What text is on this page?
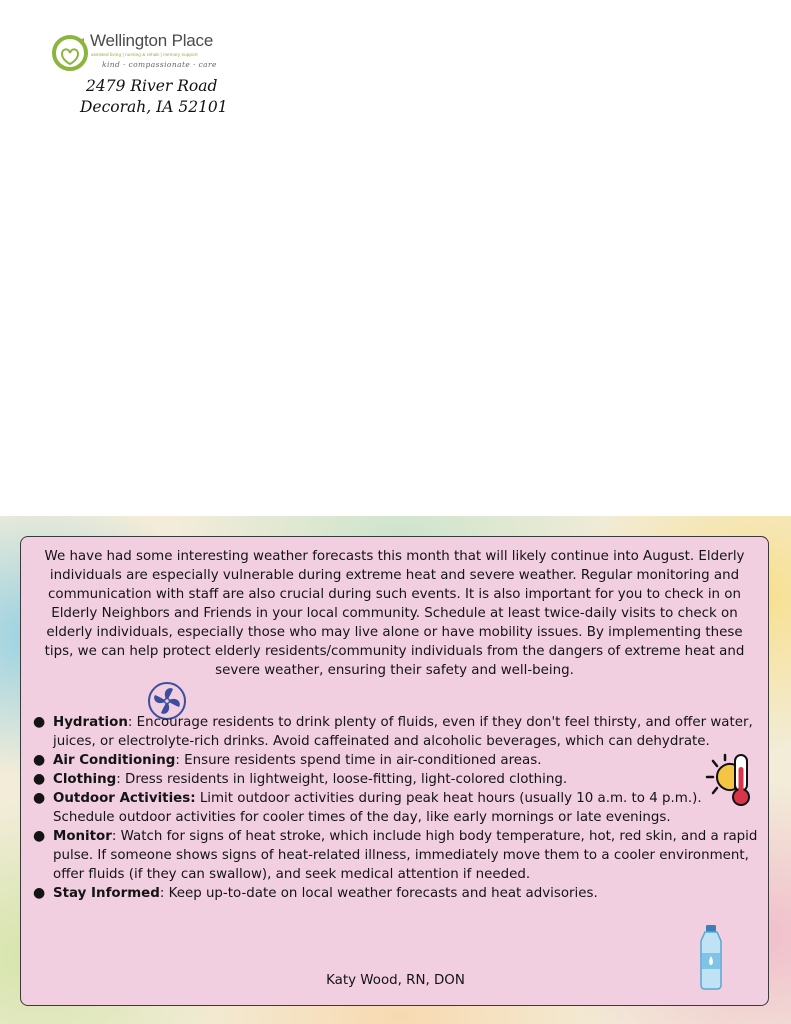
Wellington Place
assisted living | nursing & rehab | memory support
kind · compassionate · care
2479 River Road
Decorah, IA 52101

We have had some interesting weather forecasts this month that will likely continue into August. Elderly individuals are especially vulnerable during extreme heat and severe weather. Regular monitoring and communication with staff are also crucial during such events. It is also important for you to check in on Elderly Neighbors and Friends in your local community. Schedule at least twice-daily visits to check on elderly individuals, especially those who may live alone or have mobility issues. By implementing these tips, we can help protect elderly residents/community individuals from the dangers of extreme heat and severe weather, ensuring their safety and well-being.

● Hydration: Encourage residents to drink plenty of fluids, even if they don't feel thirsty, and offer water, juices, or electrolyte-rich drinks. Avoid caffeinated and alcoholic beverages, which can dehydrate.
● Air Conditioning: Ensure residents spend time in air-conditioned areas.
● Clothing: Dress residents in lightweight, loose-fitting, light-colored clothing.
● Outdoor Activities: Limit outdoor activities during peak heat hours (usually 10 a.m. to 4 p.m.). Schedule outdoor activities for cooler times of the day, like early mornings or late evenings.
● Monitor: Watch for signs of heat stroke, which include high body temperature, hot, red skin, and a rapid pulse. If someone shows signs of heat-related illness, immediately move them to a cooler environment, offer fluids (if they can swallow), and seek medical attention if needed.
● Stay Informed: Keep up-to-date on local weather forecasts and heat advisories.
Katy Wood, RN, DON
